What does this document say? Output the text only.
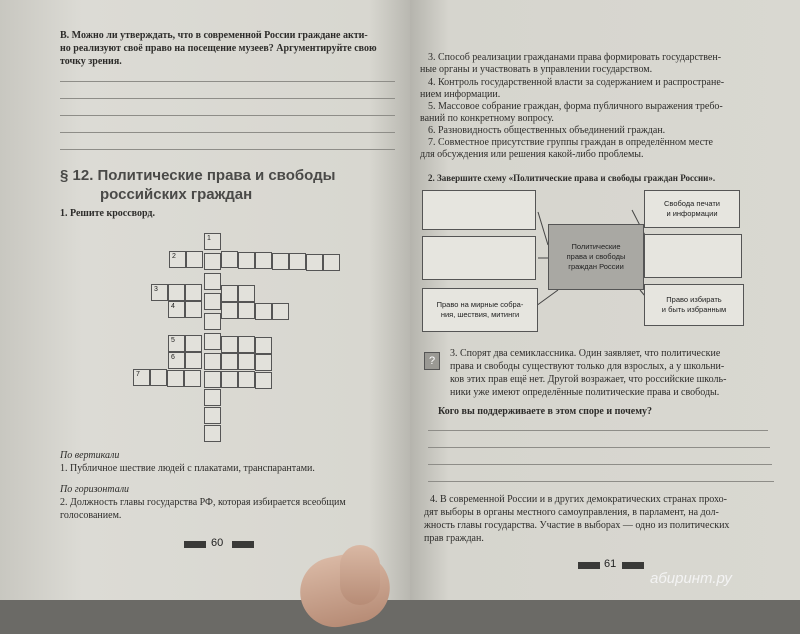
В. Можно ли утверждать, что в современной России граждане акти-
но реализуют своё право на посещение музеев? Аргументируйте свою
точку зрения.
§ 12. Политические права и свободы
российских граждан
1. Решите кроссворд.
1
2
3
4
5
6
7
По вертикали
1. Публичное шествие людей с плакатами, транспарантами.
По горизонтали
2. Должность главы государства РФ, которая избирается всеобщим
голосованием.
60
3. Способ реализации гражданами права формировать государствен-
ные органы и участвовать в управлении государством.
4. Контроль государственной власти за содержанием и распростране-
нием информации.
5. Массовое собрание граждан, форма публичного выражения требо-
ваний по конкретному вопросу.
6. Разновидность общественных объединений граждан.
7. Совместное присутствие группы граждан в определённом месте
для обсуждения или решения какой-либо проблемы.
2. Завершите схему «Политические права и свободы граждан России».
Право на мирные собра-
ния, шествия, митинги
Политические
права и свободы
граждан России
Свобода печати
и информации
Право избирать
и быть избранным
?
3. Спорят два семиклассника. Один заявляет, что политические
права и свободы существуют только для взрослых, а у школьни-
ков этих прав ещё нет. Другой возражает, что российские школь-
ники уже имеют определённые политические права и свободы.
Кого вы поддерживаете в этом споре и почему?
4. В современной России и в других демократических странах прохо-
дят выборы в органы местного самоуправления, в парламент, на дол-
жность главы государства. Участие в выборах — одно из политических
прав граждан.
61
абиринт.ру
